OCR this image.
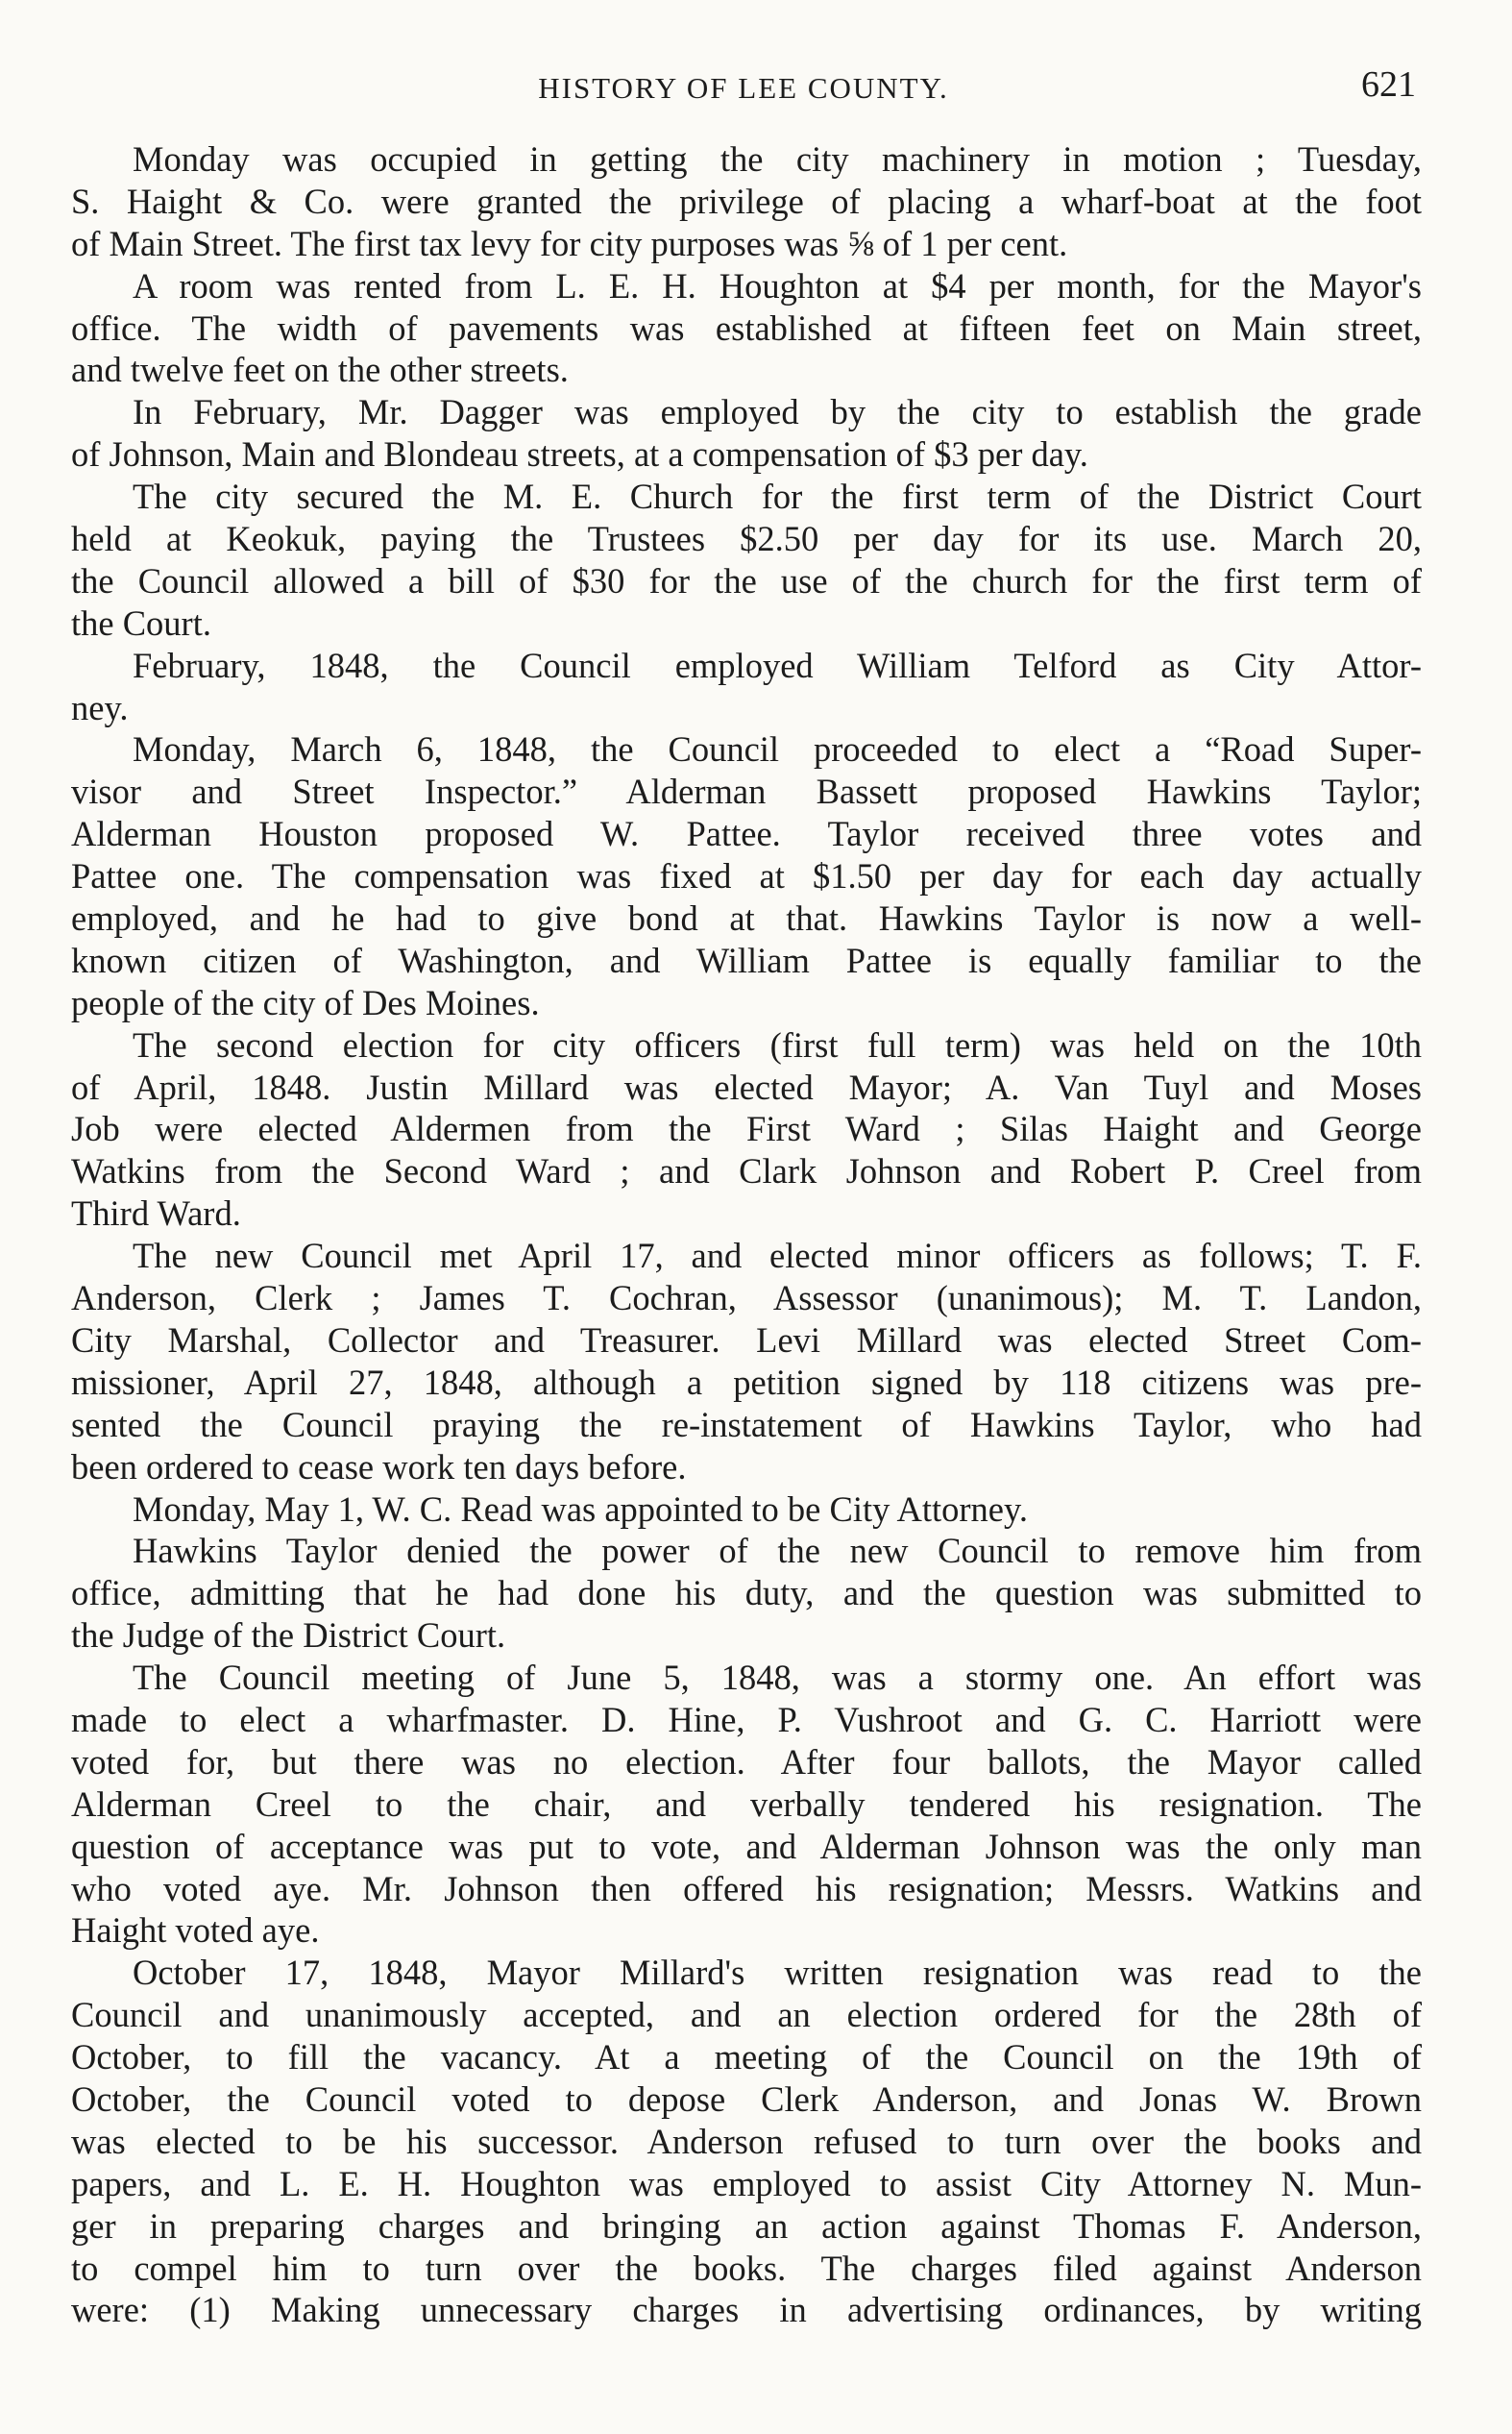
HISTORY OF LEE COUNTY.	621
Monday was occupied in getting the city machinery in motion ; Tuesday,
S. Haight & Co. were granted the privilege of placing a wharf-boat at the foot
of Main Street. The first tax levy for city purposes was ⅝ of 1 per cent.
A room was rented from L. E. H. Houghton at $4 per month, for the Mayor's
office. The width of pavements was established at fifteen feet on Main street,
and twelve feet on the other streets.
In February, Mr. Dagger was employed by the city to establish the grade
of Johnson, Main and Blondeau streets, at a compensation of $3 per day.
The city secured the M. E. Church for the first term of the District Court
held at Keokuk, paying the Trustees $2.50 per day for its use. March 20,
the Council allowed a bill of $30 for the use of the church for the first term of
the Court.
February, 1848, the Council employed William Telford as City Attor-
ney.
Monday, March 6, 1848, the Council proceeded to elect a “Road Super-
visor and Street Inspector.” Alderman Bassett proposed Hawkins Taylor;
Alderman Houston proposed W. Pattee. Taylor received three votes and
Pattee one. The compensation was fixed at $1.50 per day for each day actually
employed, and he had to give bond at that. Hawkins Taylor is now a well-
known citizen of Washington, and William Pattee is equally familiar to the
people of the city of Des Moines.
The second election for city officers (first full term) was held on the 10th
of April, 1848. Justin Millard was elected Mayor; A. Van Tuyl and Moses
Job were elected Aldermen from the First Ward ; Silas Haight and George
Watkins from the Second Ward ; and Clark Johnson and Robert P. Creel from
Third Ward.
The new Council met April 17, and elected minor officers as follows; T. F.
Anderson, Clerk ; James T. Cochran, Assessor (unanimous); M. T. Landon,
City Marshal, Collector and Treasurer. Levi Millard was elected Street Com-
missioner, April 27, 1848, although a petition signed by 118 citizens was pre-
sented the Council praying the re-instatement of Hawkins Taylor, who had
been ordered to cease work ten days before.
Monday, May 1, W. C. Read was appointed to be City Attorney.
Hawkins Taylor denied the power of the new Council to remove him from
office, admitting that he had done his duty, and the question was submitted to
the Judge of the District Court.
The Council meeting of June 5, 1848, was a stormy one. An effort was
made to elect a wharfmaster. D. Hine, P. Vushroot and G. C. Harriott were
voted for, but there was no election. After four ballots, the Mayor called
Alderman Creel to the chair, and verbally tendered his resignation. The
question of acceptance was put to vote, and Alderman Johnson was the only man
who voted aye. Mr. Johnson then offered his resignation; Messrs. Watkins and
Haight voted aye.
October 17, 1848, Mayor Millard's written resignation was read to the
Council and unanimously accepted, and an election ordered for the 28th of
October, to fill the vacancy. At a meeting of the Council on the 19th of
October, the Council voted to depose Clerk Anderson, and Jonas W. Brown
was elected to be his successor. Anderson refused to turn over the books and
papers, and L. E. H. Houghton was employed to assist City Attorney N. Mun-
ger in preparing charges and bringing an action against Thomas F. Anderson,
to compel him to turn over the books. The charges filed against Anderson
were: (1) Making unnecessary charges in advertising ordinances, by writing
